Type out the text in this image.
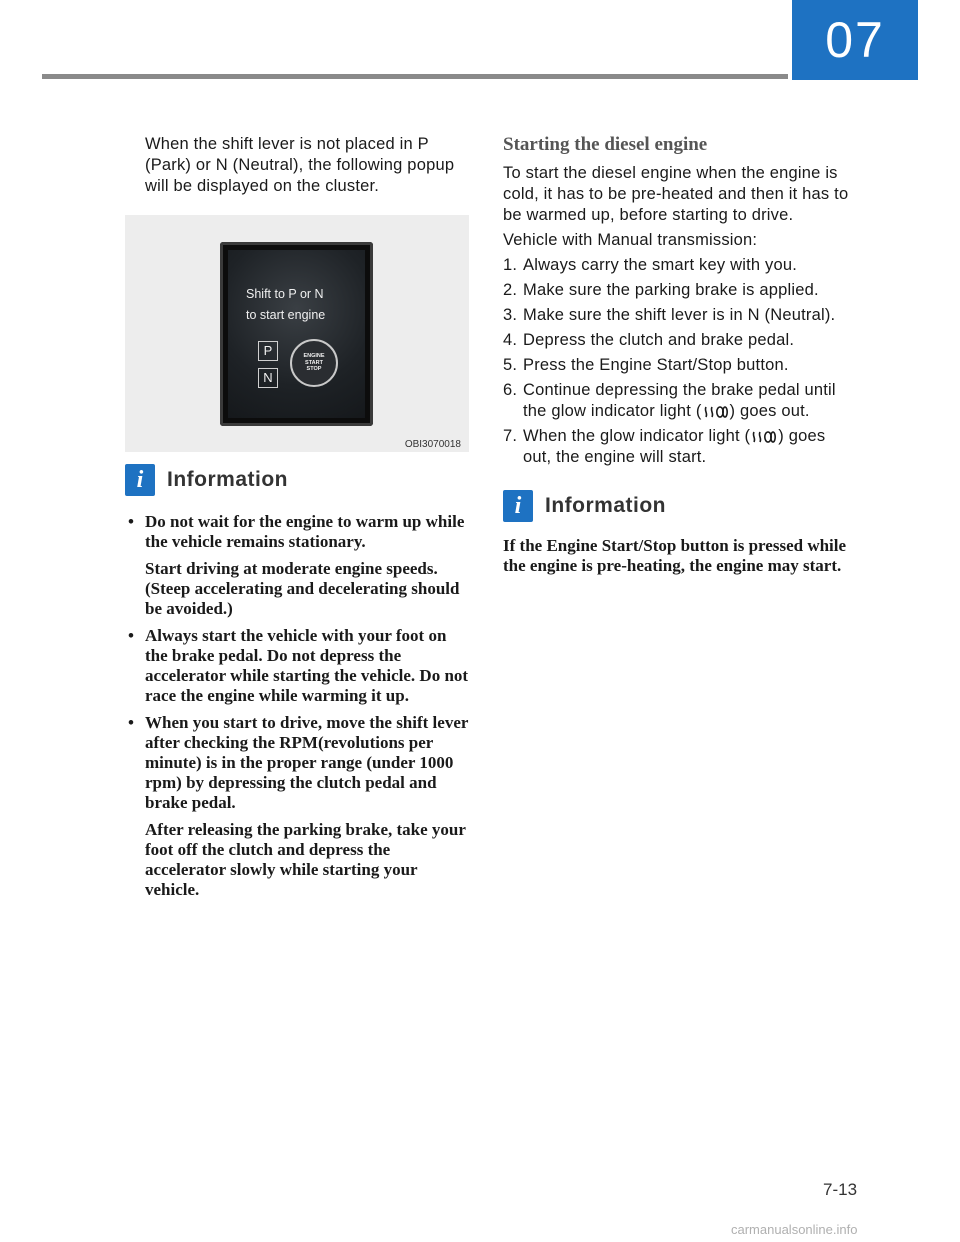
07

When the shift lever is not placed in P (Park) or N (Neutral), the following popup will be displayed on the cluster.

Shift to P or N
to start engine
P
N
ENGINE
START
STOP
OBI3070018
i	Information

• Do not wait for the engine to warm up while the vehicle remains stationary.

Start driving at moderate engine speeds. (Steep accelerating and decelerating should be avoided.)

• Always start the vehicle with your foot on the brake pedal. Do not depress the accelerator while starting the vehicle. Do not race the engine while warming it up.

• When you start to drive, move the shift lever after checking the RPM(revolutions per minute) is in the proper range (under 1000 rpm) by depressing the clutch pedal and brake pedal.

After releasing the parking brake, take your foot off the clutch and depress the accelerator slowly while starting your vehicle.

Starting the diesel engine

To start the diesel engine when the engine is cold, it has to be pre-heated and then it has to be warmed up, before starting to drive.

Vehicle with Manual transmission:

1. Always carry the smart key with you.
2. Make sure the parking brake is applied.
3. Make sure the shift lever is in N (Neutral).
4. Depress the clutch and brake pedal.
5. Press the Engine Start/Stop button.
6. Continue depressing the brake pedal until the glow indicator light ( ) goes out.
7. When the glow indicator light ( ) goes out, the engine will start.
i	Information

If the Engine Start/Stop button is pressed while the engine is pre-heating, the engine may start.

7-13
carmanualsonline.info
